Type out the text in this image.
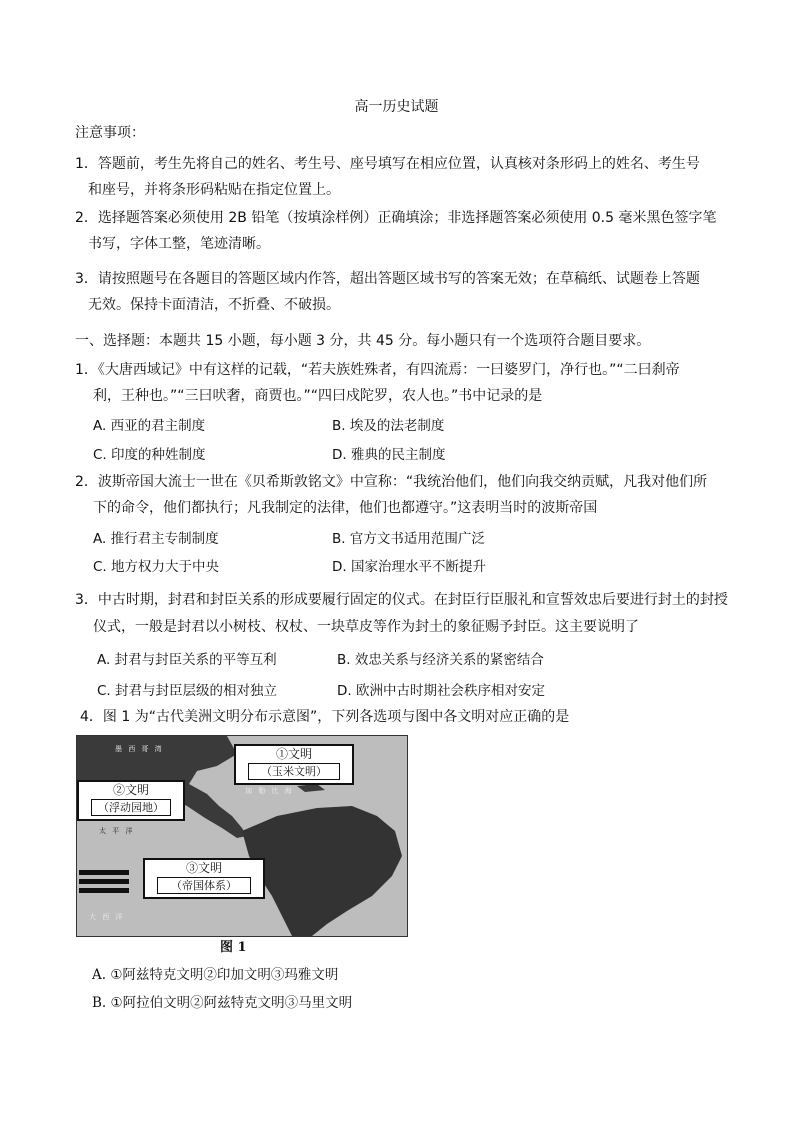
高一历史试题
注意事项：
1．答题前，考生先将自己的姓名、考生号、座号填写在相应位置，认真核对条形码上的姓名、考生号
和座号，并将条形码粘贴在指定位置上。
2．选择题答案必须使用 2B 铅笔（按填涂样例）正确填涂；非选择题答案必须使用 0.5 毫米黑色签字笔
书写，字体工整，笔迹清晰。
3．请按照题号在各题目的答题区域内作答，超出答题区域书写的答案无效；在草稿纸、试题卷上答题
无效。保持卡面清洁，不折叠、不破损。
一、选择题：本题共 15 小题，每小题 3 分，共 45 分。每小题只有一个选项符合题目要求。
1．《大唐西域记》中有这样的记载，“若夫族姓殊者，有四流焉：一曰婆罗门，净行也。”“二曰刹帝
利，王种也。”“三曰吠奢，商贾也。”“四曰戍陀罗，农人也。”书中记录的是
A. 西亚的君主制度	B. 埃及的法老制度
C. 印度的种姓制度	D. 雅典的民主制度
2．波斯帝国大流士一世在《贝希斯敦铭文》中宣称：“我统治他们，他们向我交纳贡赋，凡我对他们所
下的命令，他们都执行；凡我制定的法律，他们也都遵守。”这表明当时的波斯帝国
A. 推行君主专制制度	B. 官方文书适用范围广泛
C. 地方权力大于中央	D. 国家治理水平不断提升
3．中古时期，封君和封臣关系的形成要履行固定的仪式。在封臣行臣服礼和宣誓效忠后要进行封土的封授
仪式，一般是封君以小树枝、权杖、一块草皮等作为封土的象征赐予封臣。这主要说明了
A. 封君与封臣关系的平等互利	B. 效忠关系与经济关系的紧密结合
C. 封君与封臣层级的相对独立	D. 欧洲中古时期社会秩序相对安定
4．图 1 为“古代美洲文明分布示意图”，下列各选项与图中各文明对应正确的是
墨 西 哥 湾
加 勒 比 海
太 平 洋
大 西 洋
①文明
（玉米文明）
②文明
（浮动园地）
③文明
（帝国体系）
图 1
A. ①阿兹特克文明②印加文明③玛雅文明
B. ①阿拉伯文明②阿兹特克文明③马里文明
